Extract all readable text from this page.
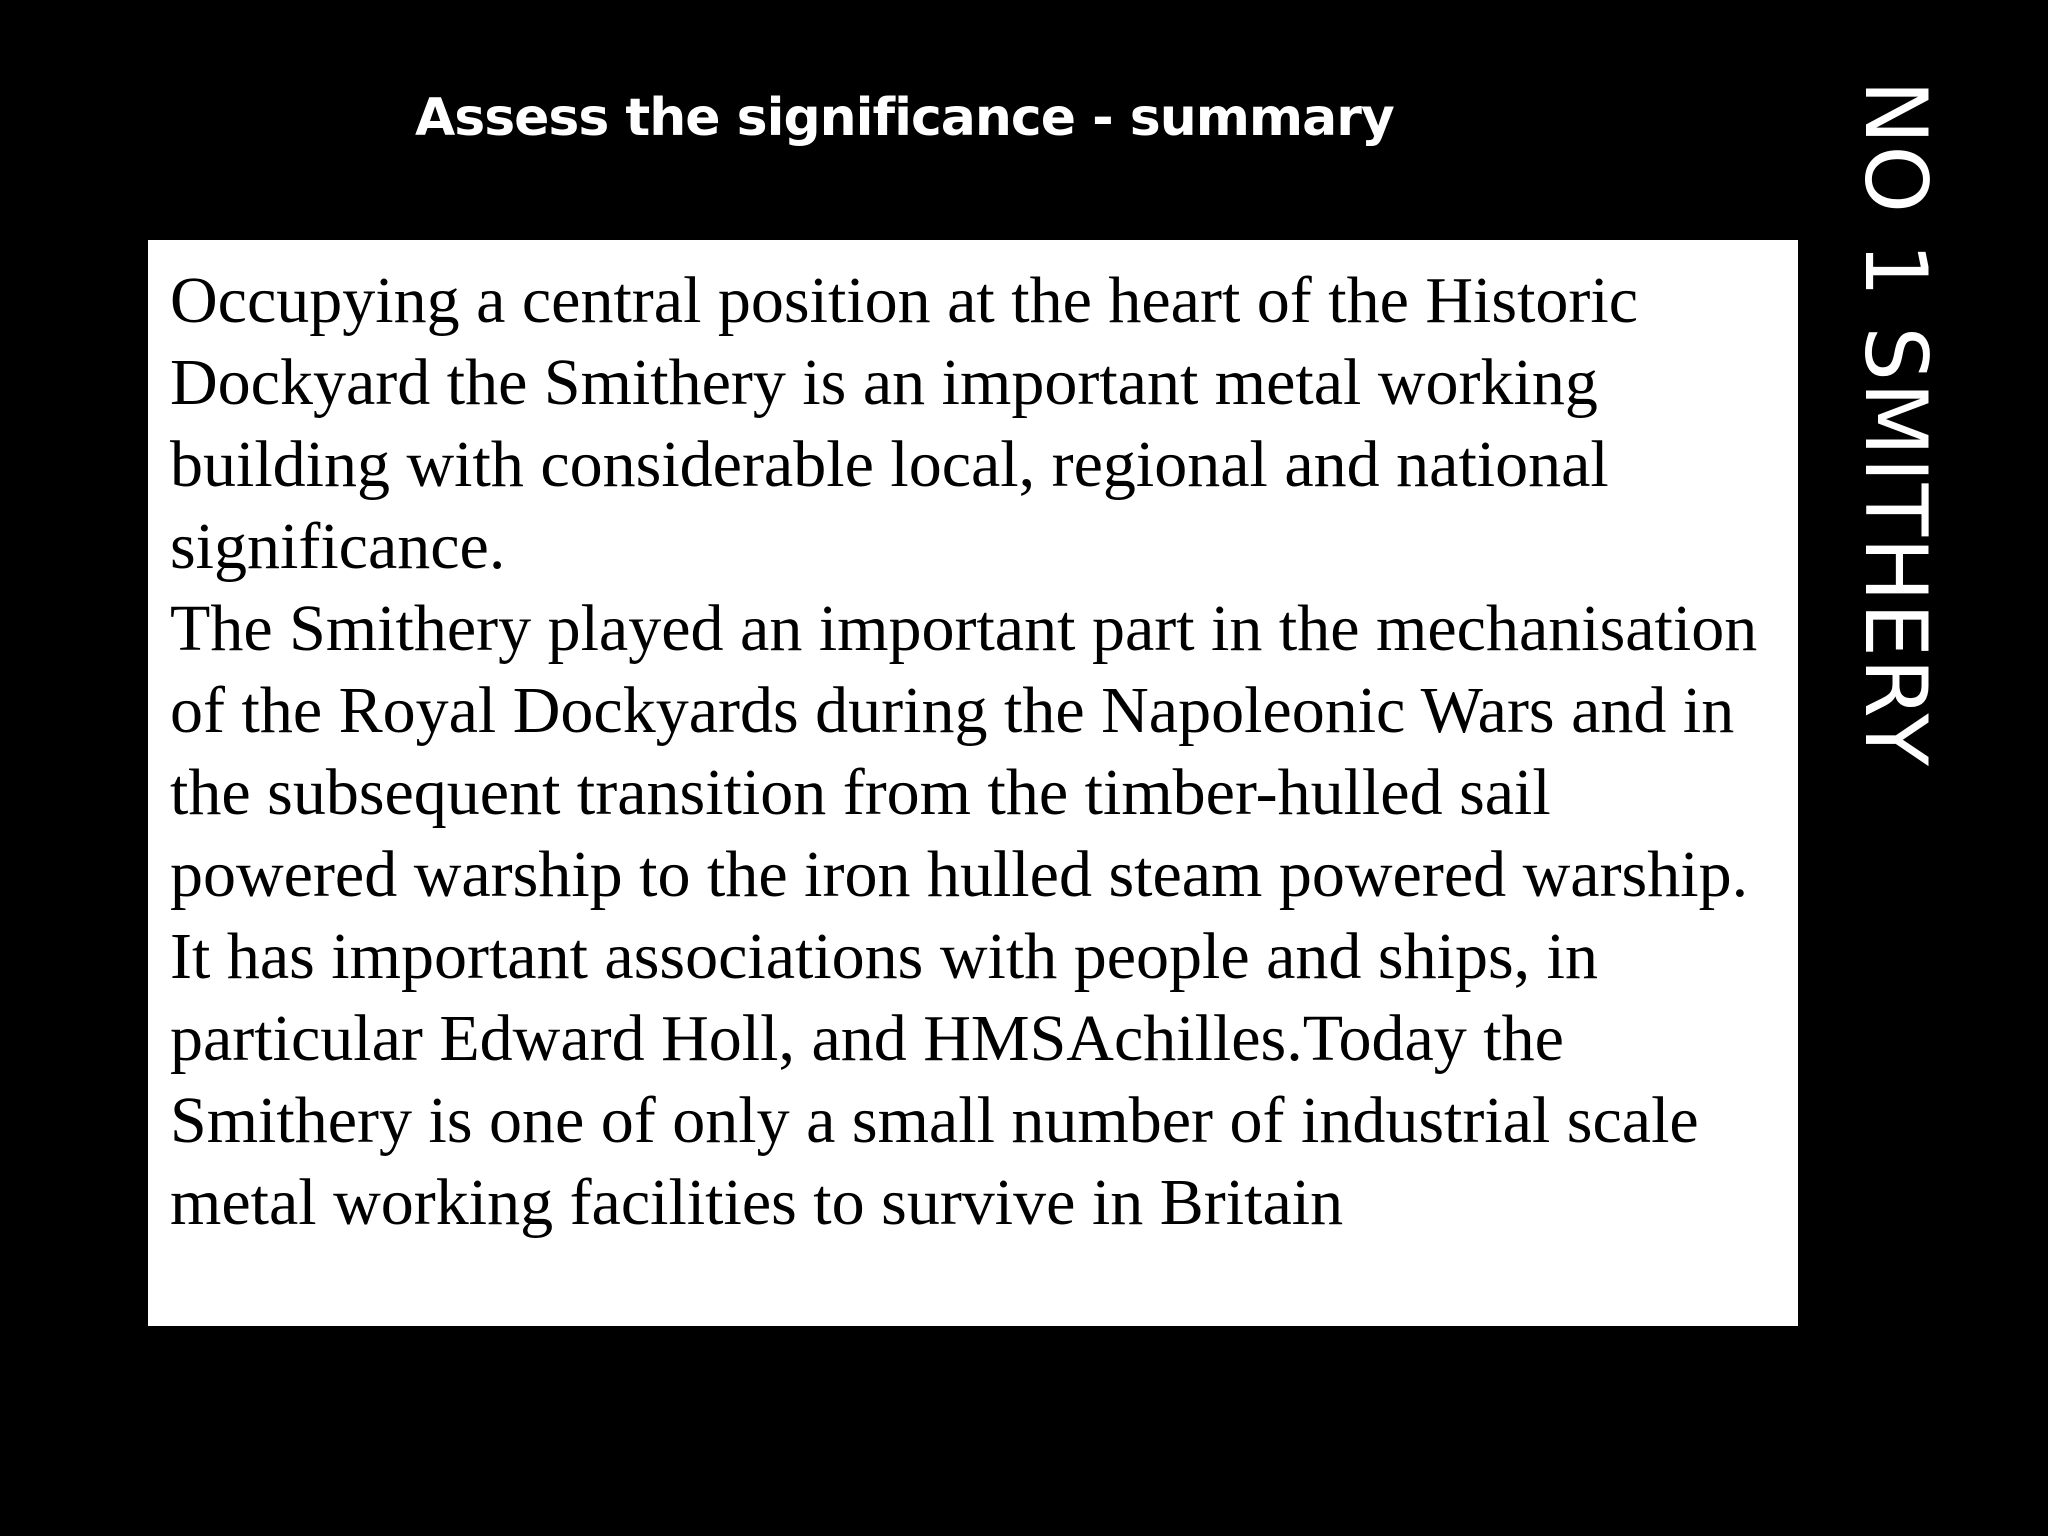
Assess the significance - summary

Occupying a central position at the heart of the Historic Dockyard the Smithery is an important metal working building with considerable local, regional and national significance.

The Smithery played an important part in the mechanisation of the Royal Dockyards during the Napoleonic Wars and in the subsequent transition from the timber-hulled sail powered warship to the iron hulled steam powered warship. It has important associations with people and ships, in particular Edward Holl, and HMSAchilles.Today the Smithery is one of only a small number of industrial scale metal working facilities to survive in Britain

NO 1 SMITHERY
